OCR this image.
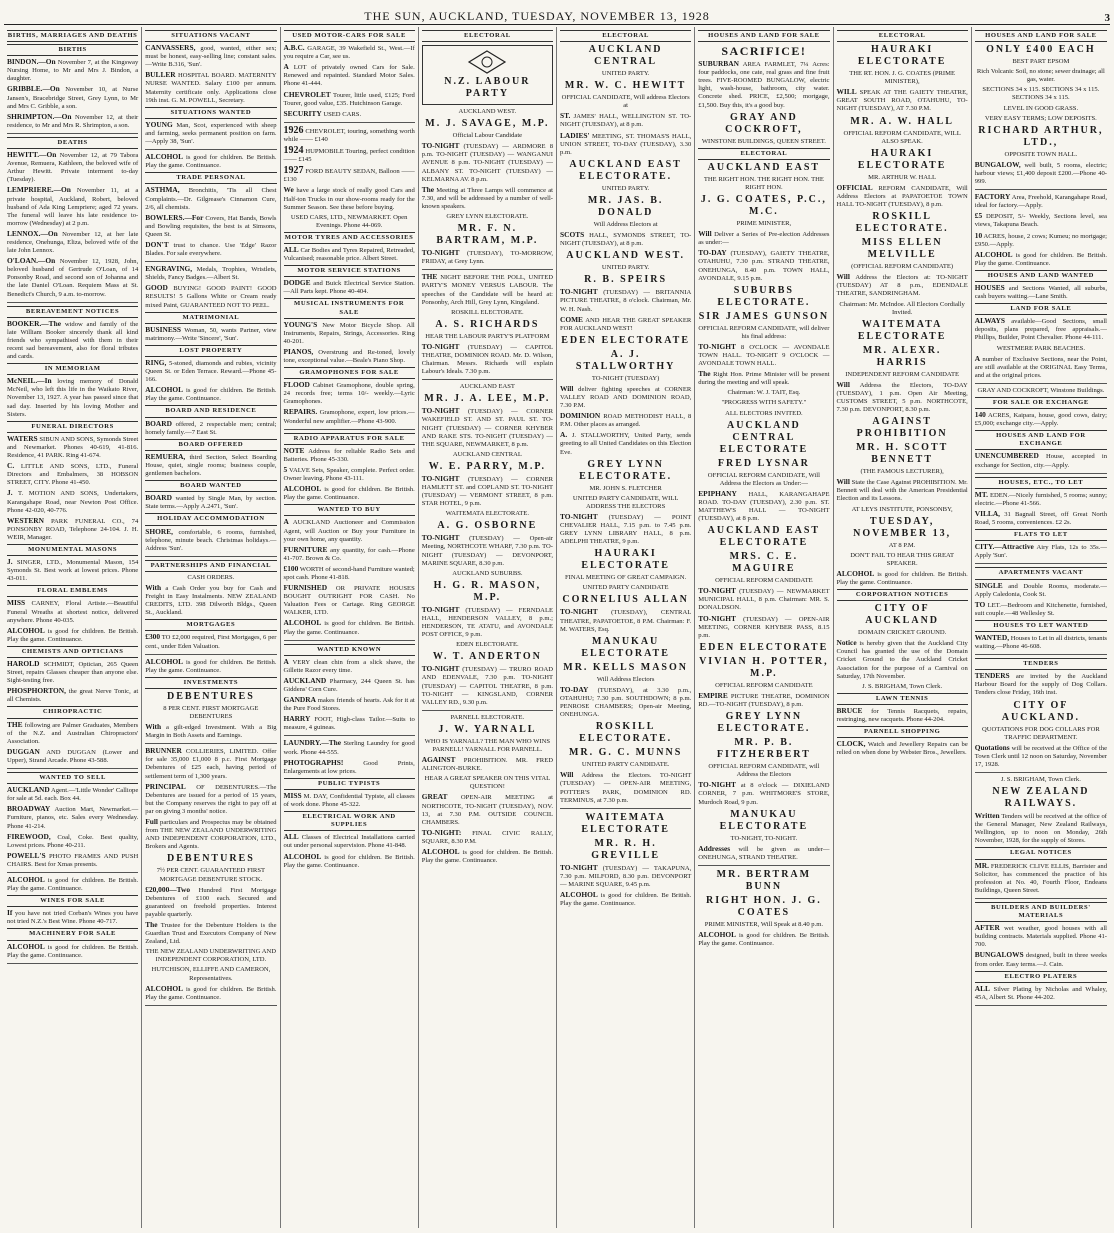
THE SUN, AUCKLAND, TUESDAY, NOVEMBER 13, 1928	3
BIRTHS, MARRIAGES AND DEATHS
BIRTHS
BINDON.—On November 7, at the Kingsway Nursing Home, to Mr and Mrs J. Bindon, a daughter.
GRIBBLE.—On November 10, at Nurse Jansen's, Bracebridge Street, Grey Lynn, to Mr and Mrs C. Gribble, a son.
SHRIMPTON.—On November 12, at their residence, to Mr and Mrs R. Shrimpton, a son.
DEATHS
HEWITT.—On November 12, at 79 Tabora Avenue, Remuera, Kathleen, the beloved wife of Arthur Hewitt. Private interment to-day (Tuesday).
LEMPRIERE.—On November 11, at a private hospital, Auckland, Robert, beloved husband of Ada King Lempriere; aged 72 years. The funeral will leave his late residence to-morrow (Wednesday) at 2 p.m.
LENNOX.—On November 12, at her late residence, Onehunga, Eliza, beloved wife of the late John Lennox.
O'LOAN.—On November 12, 1928, John, beloved husband of Gertrude O'Loan, of 14 Ponsonby Road, and second son of Johanna and the late Daniel O'Loan. Requiem Mass at St. Benedict's Church, 9 a.m. to-morrow.
BEREAVEMENT NOTICES
BOOKER.—The widow and family of the late William Booker sincerely thank all kind friends who sympathised with them in their recent sad bereavement, also for floral tributes and cards.
IN MEMORIAM
McNEIL.—In loving memory of Donald McNeil, who left this life in the Waikato River, November 13, 1927. A year has passed since that sad day. Inserted by his loving Mother and Sisters.
FUNERAL DIRECTORS
WATERS SIBUN AND SONS, Symonds Street and Newmarket. Phones 40-619, 41-816. Residence, 41 PARK. Ring 41-674.
C. LITTLE AND SONS, LTD., Funeral Directors and Embalmers, 38 HOBSON STREET, CITY. Phone 41-450.
J. T. MOTION AND SONS, Undertakers, Karangahape Road, near Newton Post Office. Phone 42-020, 40-776.
WESTERN PARK FUNERAL CO., 74 PONSONBY ROAD, Telephone 24-104. J. H. WEIR, Manager.
MONUMENTAL MASONS
J. SINGER, LTD., Monumental Mason, 154 Symonds St. Best work at lowest prices. Phone 43-011.
FLORAL EMBLEMS
MISS CARNEY, Floral Artiste.—Beautiful Funeral Wreaths at shortest notice, delivered anywhere. Phone 40-035.
ALCOHOL is good for children. Be British. Play the game. Continuance.
CHEMISTS AND OPTICIANS
HAROLD SCHMIDT, Optician, 265 Queen Street, repairs Glasses cheaper than anyone else. Sight-testing free.
PHOSPHORTON, the great Nerve Tonic, at all Chemists.
CHIROPRACTIC
THE following are Palmer Graduates, Members of the N.Z. and Australian Chiropractors' Association.
DUGGAN AND DUGGAN (Lower and Upper), Strand Arcade. Phone 43-588.
WANTED TO SELL
AUCKLAND Agent.—'Little Wonder' Calliope for sale at 5d. each. Box 44.
BROADWAY Auction Mart, Newmarket.—Furniture, pianos, etc. Sales every Wednesday. Phone 41-214.
FIREWOOD, Coal, Coke. Best quality, Lowest prices. Phone 40-211.
POWELL'S PHOTO FRAMES AND PUSH CHAIRS. Best for Xmas presents.
ALCOHOL is good for children. Be British. Play the game. Continuance.
WINES FOR SALE
If you have not tried Corban's Wines you have not tried N.Z.'s Best Wine. Phone 40-717.
MACHINERY FOR SALE
ALCOHOL is good for children. Be British. Play the game. Continuance.
SITUATIONS VACANT
CANVASSERS, good, wanted, either sex; must be honest, easy-selling line; constant sales.—Write B.316, 'Sun'.
BULLER HOSPITAL BOARD. MATERNITY NURSE WANTED. Salary £100 per annum. Maternity certificate only. Applications close 19th inst. G. M. POWELL, Secretary.
SITUATIONS WANTED
YOUNG Man, Scot, experienced with sheep and farming, seeks permanent position on farm.—Apply 38, 'Sun'.
ALCOHOL is good for children. Be British. Play the game. Continuance.
TRADE PERSONAL
ASTHMA, Bronchitis, 'Tis all Chest Complaints.—Dr. Gilgrease's Cinnamon Cure, 2/6, all chemists.
BOWLERS.—For Covers, Hat Bands, Bowls and Bowling requisites, the best is at Simsons, Queen St.
DON'T trust to chance. Use 'Edge' Razor Blades. For sale everywhere.
ENGRAVING, Medals, Trophies, Wristlets, Shields, Fancy Badges.—Albert St.
GOOD BUYING! GOOD PAINT! GOOD RESULTS! 5 Gallons White or Cream ready mixed Paint, GUARANTEED NOT TO PEEL.
MATRIMONIAL
BUSINESS Woman, 50, wants Partner, view matrimony.—Write 'Sincere', 'Sun'.
LOST PROPERTY
RING, 5-stoned, diamonds and rubies, vicinity Queen St. or Eden Terrace. Reward.—Phone 45-166.
ALCOHOL is good for children. Be British. Play the game. Continuance.
BOARD AND RESIDENCE
BOARD offered, 2 respectable men; central; homely family.—7 East St.
BOARD OFFERED
REMUERA, third Section, Select Boarding House, quiet, single rooms; business couple, gentlemen bachelors.
BOARD WANTED
BOARD wanted by Single Man, by section. State terms.—Apply A.2471, 'Sun'.
HOLIDAY ACCOMMODATION
SHORE, comfortable, 6 rooms, furnished, telephone, minute beach. Christmas holidays.—Address 'Sun'.
PARTNERSHIPS AND FINANCIAL
CASH ORDERS.
With a Cash Order you buy for Cash and Freight in Easy Instalments. NEW ZEALAND CREDITS, LTD. 398 Dilworth Bldgs., Queen St., Auckland.
MORTGAGES
£300 TO £2,000 required, First Mortgages, 6 per cent., under Eden Valuation.
ALCOHOL is good for children. Be British. Play the game. Continuance.
INVESTMENTS
DEBENTURES
8 PER CENT. FIRST MORTGAGE DEBENTURES
With a gilt-edged Investment. With a Big Margin in Both Assets and Earnings.
BRUNNER COLLIERIES, LIMITED. Offer for sale 35,000 £1,000 8 p.c. First Mortgage Debentures of £25 each, having period of settlement term of 1,300 years.
PRINCIPAL OF DEBENTURES.—The Debentures are issued for a period of 15 years, but the Company reserves the right to pay off at par on giving 3 months' notice.
Full particulars and Prospectus may be obtained from THE NEW ZEALAND UNDERWRITING AND INDEPENDENT CORPORATION, LTD., Brokers and Agents.
DEBENTURES
7½ PER CENT. GUARANTEED FIRST MORTGAGE DEBENTURE STOCK.
£20,000—Two Hundred First Mortgage Debentures of £100 each. Secured and guaranteed on freehold properties. Interest payable quarterly.
The Trustee for the Debenture Holders is the Guardian Trust and Executors Company of New Zealand, Ltd.
THE NEW ZEALAND UNDERWRITING AND INDEPENDENT CORPORATION, LTD.
HUTCHISON, ELLIFFE AND CAMERON, Representatives.
ALCOHOL is good for children. Be British. Play the game. Continuance.
USED MOTOR-CARS FOR SALE
A.B.C. GARAGE, 39 Wakefield St., West.—If you require a Car, see us.
A LOT of privately owned Cars for Sale. Renewed and repainted. Standard Motor Sales. Phone 41-444.
CHEVROLET Tourer, little used, £125; Ford Tourer, good value, £35. Hutchinson Garage.
SECURITY USED CARS.
1926 CHEVROLET, touring, something worth while —— £140
1924 HUPMOBILE Touring, perfect condition —— £145
1927 FORD BEAUTY SEDAN, Balloon —— £130
We have a large stock of really good Cars and Half-ton Trucks in our show-rooms ready for the Summer Season. See these before buying.
USED CARS, LTD., NEWMARKET. Open Evenings. Phone 44-069.
MOTOR TYRES AND ACCESSORIES
ALL Car Bodies and Tyres Repaired, Retreaded, Vulcanised; reasonable price. Albert Street.
MOTOR SERVICE STATIONS
DODGE and Buick Electrical Service Station.—All Parts kept. Phone 40-404.
MUSICAL INSTRUMENTS FOR SALE
YOUNG'S New Motor Bicycle Shop. All Instruments, Repairs, Strings, Accessories. Ring 40-201.
PIANOS, Overstrung and Re-toned, lovely tone, exceptional value.—Beale's Piano Shop.
GRAMOPHONES FOR SALE
FLOOD Cabinet Gramophone, double spring, 24 records free; terms 10/- weekly.—Lyric Gramophones.
REPAIRS. Gramophone, expert, low prices.—Wonderful new amplifier.—Phone 43-900.
RADIO APPARATUS FOR SALE
NOTE Address for reliable Radio Sets and Batteries. Phone 45-330.
5 VALVE Sets, Speaker, complete. Perfect order. Owner leaving. Phone 43-111.
ALCOHOL is good for children. Be British. Play the game. Continuance.
WANTED TO BUY
A AUCKLAND Auctioneer and Commission Agent, will Auction or Buy your Furniture in your own home, any quantity.
FURNITURE any quantity, for cash.—Phone 41-707. Brown & Co.
£100 WORTH of second-hand Furniture wanted; spot cash. Phone 41-818.
FURNISHED OR PRIVATE HOUSES BOUGHT OUTRIGHT FOR CASH. No Valuation Fees or Cartage. Ring GEORGE WALKER, LTD.
ALCOHOL is good for children. Be British. Play the game. Continuance.
WANTED KNOWN
A VERY clean chin from a slick shave, the Gillette Razor every time.
AUCKLAND Pharmacy, 244 Queen St. has Giddens' Corn Cure.
GANDRA makes friends of hearts. Ask for it at the Pure Food Stores.
HARRY FOOT, High-class Tailor.—Suits to measure, 4 guineas.
LAUNDRY.—The Sterling Laundry for good work. Phone 44-555.
PHOTOGRAPHS! Good Prints, Enlargements at low prices.
PUBLIC TYPISTS
MISS M. DAY, Confidential Typiste, all classes of work done. Phone 45-322.
ELECTRICAL WORK AND SUPPLIES
ALL Classes of Electrical Installations carried out under personal supervision. Phone 41-848.
ALCOHOL is good for children. Be British. Play the game. Continuance.
ELECTORAL
N.Z. LABOUR PARTY
AUCKLAND WEST.
M. J. SAVAGE, M.P.
Official Labour Candidate
TO-NIGHT (TUESDAY) — ARDMORE 8 p.m. TO-NIGHT (TUESDAY) — WANGANUI AVENUE 8 p.m. TO-NIGHT (TUESDAY) — ALBANY ST. TO-NIGHT (TUESDAY) — KELMARNA AV. 8 p.m.
The Meeting at Three Lamps will commence at 7.30, and will be addressed by a number of well-known speakers.
GREY LYNN ELECTORATE.
MR. F. N. BARTRAM, M.P.
TO-NIGHT (TUESDAY), TO-MORROW, FRIDAY, at Grey Lynn.
THE NIGHT BEFORE THE POLL, UNITED PARTY'S MONEY VERSUS LABOUR. The speeches of the Candidate will be heard at: Ponsonby, Arch Hill, Grey Lynn, Kingsland.
ROSKILL ELECTORATE.
A. S. RICHARDS
HEAR THE LABOUR PARTY'S PLATFORM
TO-NIGHT (TUESDAY) — CAPITOL THEATRE, DOMINION ROAD. Mr. D. Wilson, Chairman. Messrs. Richards will explain Labour's Ideals. 7.30 p.m.
AUCKLAND EAST
MR. J. A. LEE, M.P.
TO-NIGHT (TUESDAY) — CORNER WAKEFIELD ST. AND ST. PAUL ST. TO-NIGHT (TUESDAY) — CORNER KHYBER AND RAKE STS. TO-NIGHT (TUESDAY) — THE SQUARE, NEWMARKET, 8 p.m.
AUCKLAND CENTRAL
W. E. PARRY, M.P.
TO-NIGHT (TUESDAY) — CORNER HAMLETT ST. and COPLAND ST. TO-NIGHT (TUESDAY) — VERMONT STREET, 8 p.m. STAR HOTEL, 9 p.m.
WAITEMATA ELECTORATE.
A. G. OSBORNE
TO-NIGHT (TUESDAY) — Open-air Meeting, NORTHCOTE WHARF, 7.30 p.m. TO-NIGHT (TUESDAY) — DEVONPORT, MARINE SQUARE, 8.30 p.m.
AUCKLAND SUBURBS.
H. G. R. MASON, M.P.
TO-NIGHT (TUESDAY) — FERNDALE HALL, HENDERSON VALLEY, 8 p.m.; HENDERSON, TE ATATU, and AVONDALE POST OFFICE, 9 p.m.
EDEN ELECTORATE.
W. T. ANDERTON
TO-NIGHT (TUESDAY) — TRURO ROAD AND EDENVALE, 7.30 p.m. TO-NIGHT (TUESDAY) — CAPITOL THEATRE, 8 p.m. TO-NIGHT — KINGSLAND, CORNER VALLEY RD., 9.30 p.m.
PARNELL ELECTORATE.
J. W. YARNALL
WHO IS YARNALL? THE MAN WHO WINS PARNELL! YARNALL FOR PARNELL.
AGAINST PROHIBITION. MR. FRED ALINGTON-BURKE.
HEAR A GREAT SPEAKER ON THIS VITAL QUESTION!
GREAT OPEN-AIR MEETING at NORTHCOTE, TO-NIGHT (TUESDAY), NOV. 13, at 7.30 P.M. OUTSIDE COUNCIL CHAMBERS.
TO-NIGHT: FINAL CIVIC RALLY, SQUARE, 8.30 P.M.
ALCOHOL is good for children. Be British. Play the game. Continuance.
ELECTORAL
AUCKLAND CENTRAL
UNITED PARTY.
MR. W. C. HEWITT
OFFICIAL CANDIDATE, Will address Electors at
ST. JAMES' HALL, WELLINGTON ST. TO-NIGHT (TUESDAY), at 8 p.m.
LADIES' MEETING, ST. THOMAS'S HALL, UNION STREET, TO-DAY (TUESDAY), 3.30 p.m.
AUCKLAND EAST ELECTORATE.
UNITED PARTY.
MR. JAS. B. DONALD
Will Address Electors at
SCOTS HALL, SYMONDS STREET, TO-NIGHT (TUESDAY), at 8 p.m.
AUCKLAND WEST.
UNITED PARTY.
R. B. SPEIRS
TO-NIGHT (TUESDAY) — BRITANNIA PICTURE THEATRE, 8 o'clock. Chairman, Mr. W. H. Nash.
COME AND HEAR THE GREAT SPEAKER FOR AUCKLAND WEST!
EDEN ELECTORATE
A. J. STALLWORTHY
TO-NIGHT (TUESDAY)
Will deliver fighting speeches at CORNER VALLEY ROAD AND DOMINION ROAD, 7.30 P.M.
DOMINION ROAD METHODIST HALL, 8 P.M. Other places as arranged.
A. J. STALLWORTHY, United Party, sends greeting to all United Candidates on this Election Eve.
GREY LYNN ELECTORATE.
MR. JOHN S. FLETCHER
UNITED PARTY CANDIDATE, WILL ADDRESS THE ELECTORS
TO-NIGHT (TUESDAY) — POINT CHEVALIER HALL, 7.15 p.m. to 7.45 p.m. GREY LYNN LIBRARY HALL, 8 p.m. ADELPHI THEATRE, 9 p.m.
HAURAKI ELECTORATE
FINAL MEETING OF GREAT CAMPAIGN.
UNITED PARTY CANDIDATE
CORNELIUS ALLAN
TO-NIGHT (TUESDAY), CENTRAL THEATRE, PAPATOETOE, 8 P.M. Chairman: F. M. WATERS, Esq.
MANUKAU ELECTORATE
MR. KELLS MASON
Will Address Electors
TO-DAY (TUESDAY), at 3.30 p.m., OTAHUHU; 7.30 p.m. SOUTHDOWN; 8 p.m. PENROSE CHAMBERS; Open-air Meeting, ONEHUNGA.
ROSKILL ELECTORATE.
MR. G. C. MUNNS
UNITED PARTY CANDIDATE.
Will Address the Electors. TO-NIGHT (TUESDAY) — OPEN-AIR MEETING, POTTER'S PARK, DOMINION RD. TERMINUS, at 7.30 p.m.
WAITEMATA ELECTORATE
MR. R. H. GREVILLE
TO-NIGHT (TUESDAY) — TAKAPUNA, 7.30 p.m. MILFORD, 8.30 p.m. DEVONPORT — MARINE SQUARE, 9.45 p.m.
ALCOHOL is good for children. Be British. Play the game. Continuance.
HOUSES AND LAND FOR SALE
SACRIFICE!
SUBURBAN AREA FARMLET, 7¼ Acres: four paddocks, one cate, real grass and fine fruit trees. FIVE-ROOMED BUNGALOW, electric light, wash-house, bathroom, city water. Concrete shed. PRICE, £2,500; mortgage, £1,500. Buy this, it's a good buy.
GRAY AND COCKROFT,
WINSTONE BUILDINGS, QUEEN STREET.
ELECTORAL
AUCKLAND EAST
THE RIGHT HON. THE RIGHT HON. THE RIGHT HON.
J. G. COATES, P.C., M.C.
PRIME MINISTER,
Will Deliver a Series of Pre-election Addresses as under:—
TO-DAY (TUESDAY), GAIETY THEATRE, OTAHUHU, 7.30 p.m. STRAND THEATRE, ONEHUNGA, 8.40 p.m. TOWN HALL, AVONDALE, 9.15 p.m.
SUBURBS ELECTORATE.
SIR JAMES GUNSON
OFFICIAL REFORM CANDIDATE, will deliver his final address:
TO-NIGHT 8 O'CLOCK — AVONDALE TOWN HALL. TO-NIGHT 9 O'CLOCK — AVONDALE TOWN HALL.
The Right Hon. Prime Minister will be present during the meeting and will speak.
Chairman: W. J. TAIT, Esq.
"PROGRESS WITH SAFETY."
ALL ELECTORS INVITED.
AUCKLAND CENTRAL ELECTORATE
FRED LYSNAR
OFFICIAL REFORM CANDIDATE, Will Address the Electors as Under:—
EPIPHANY HALL, KARANGAHAPE ROAD. TO-DAY (TUESDAY), 2.30 p.m. ST. MATTHEW'S HALL — TO-NIGHT (TUESDAY), at 8 p.m.
AUCKLAND EAST ELECTORATE
MRS. C. E. MAGUIRE
OFFICIAL REFORM CANDIDATE
TO-NIGHT (TUESDAY) — NEWMARKET MUNICIPAL HALL, 8 p.m. Chairman: MR. S. DONALDSON.
TO-NIGHT (TUESDAY) — OPEN-AIR MEETING, CORNER KHYBER PASS, 8.15 p.m.
EDEN ELECTORATE
VIVIAN H. POTTER, M.P.
OFFICIAL REFORM CANDIDATE
EMPIRE PICTURE THEATRE, DOMINION RD.—TO-NIGHT (TUESDAY), 8 p.m.
GREY LYNN ELECTORATE.
MR. P. B. FITZHERBERT
OFFICIAL REFORM CANDIDATE, will Address the Electors
TO-NIGHT at 8 o'clock — DIXIELAND CORNER, 7 p.m. WHITMORE'S STORE, Murdoch Road, 9 p.m.
MANUKAU ELECTORATE
TO-NIGHT, TO-NIGHT.
Addresses will be given as under— ONEHUNGA, STRAND THEATRE.
MR. BERTRAM BUNN
RIGHT HON. J. G. COATES
PRIME MINISTER, Will Speak at 8.40 p.m.
ALCOHOL is good for children. Be British. Play the game. Continuance.
ELECTORAL
HAURAKI ELECTORATE
THE RT. HON. J. G. COATES (PRIME MINISTER),
WILL SPEAK AT THE GAIETY THEATRE, GREAT SOUTH ROAD, OTAHUHU, TO-NIGHT (TUESDAY), AT 7.30 P.M.
MR. A. W. HALL
OFFICIAL REFORM CANDIDATE, WILL ALSO SPEAK.
HAURAKI ELECTORATE
MR. ARTHUR W. HALL
OFFICIAL REFORM CANDIDATE, Will Address Electors at PAPATOETOE TOWN HALL TO-NIGHT (TUESDAY), 8 p.m.
ROSKILL ELECTORATE.
MISS ELLEN MELVILLE
(OFFICIAL REFORM CANDIDATE)
Will Address the Electors at: TO-NIGHT (TUESDAY) AT 8 p.m., EDENDALE THEATRE, SANDRINGHAM.
Chairman: Mr. McIndoe. All Electors Cordially Invited.
WAITEMATA ELECTORATE
MR. ALEXR. HARRIS
INDEPENDENT REFORM CANDIDATE
Will Address the Electors, TO-DAY (TUESDAY), 1 p.m. Open Air Meeting, CUSTOMS STREET, 5 p.m. NORTHCOTE, 7.30 p.m. DEVONPORT, 8.30 p.m.
AGAINST PROHIBITION
MR. H. SCOTT BENNETT
(THE FAMOUS LECTURER),
Will State the Case Against PROHIBITION. Mr. Bennett will deal with the American Presidential Election and its Lessons.
AT LEYS INSTITUTE, PONSONBY,
TUESDAY, NOVEMBER 13,
AT 8 P.M.
DON'T FAIL TO HEAR THIS GREAT SPEAKER.
ALCOHOL is good for children. Be British. Play the game. Continuance.
CORPORATION NOTICES
CITY OF AUCKLAND
DOMAIN CRICKET GROUND.
Notice is hereby given that the Auckland City Council has granted the use of the Domain Cricket Ground to the Auckland Cricket Association for the purpose of a Carnival on Saturday, 17th November.
J. S. BRIGHAM, Town Clerk.
LAWN TENNIS
BRUCE for Tennis Racquets, repairs, restringing, new racquets. Phone 44-204.
PARNELL SHOPPING
CLOCK, Watch and Jewellery Repairs can be relied on when done by Webster Bros., Jewellers.
HOUSES AND LAND FOR SALE
ONLY £400 EACH
BEST PART EPSOM
Rich Volcanic Soil, no stone; sewer drainage; all gas, water.
SECTIONS 34 x 115. SECTIONS 34 x 115. SECTIONS 34 x 115.
LEVEL IN GOOD GRASS.
VERY EASY TERMS; LOW DEPOSITS.
RICHARD ARTHUR, LTD.,
OPPOSITE TOWN HALL.
BUNGALOW, well built, 5 rooms, electric; harbour views; £1,400 deposit £200.—Phone 40-999.
FACTORY Area, Freehold, Karangahape Road, ideal for factory.—Apply.
£5 DEPOSIT, 5/- Weekly, Sections level, sea views, Takapuna Beach.
10 ACRES, house, 2 cows; Kumeu; no mortgage; £950.—Apply.
ALCOHOL is good for children. Be British. Play the game. Continuance.
HOUSES AND LAND WANTED
HOUSES and Sections Wanted, all suburbs, cash buyers waiting.—Lane Smith.
LAND FOR SALE
ALWAYS available—Good Sections, small deposits, plans prepared, free appraisals.—Phillips, Builder, Point Chevalier. Phone 44-111.
WESTMERE PARK BEACHES.
A number of Exclusive Sections, near the Point, are still available at the ORIGINAL Easy Terms, and at the original prices.
GRAY AND COCKROFT, Winstone Buildings.
FOR SALE OR EXCHANGE
140 ACRES, Kaipara, house, good cows, dairy; £5,000; exchange city.—Apply.
HOUSES AND LAND FOR EXCHANGE
UNENCUMBERED House, accepted in exchange for Section, city.—Apply.
HOUSES, ETC., TO LET
MT. EDEN.—Nicely furnished, 5 rooms; sunny; electric.—Phone 41-566.
VILLA, 31 Bagnall Street, off Great North Road, 5 rooms, conveniences. £2 2s.
FLATS TO LET
CITY.—Attractive Airy Flats, 12s to 35s.—Apply 'Sun'.
APARTMENTS VACANT
SINGLE and Double Rooms, moderate.—Apply Caledonia, Cook St.
TO LET.—Bedroom and Kitchenette, furnished, suit couple.—48 Wellesley St.
HOUSES TO LET WANTED
WANTED, Houses to Let in all districts, tenants waiting.—Phone 46-608.
TENDERS
TENDERS are invited by the Auckland Harbour Board for the supply of Dog Collars. Tenders close Friday, 16th inst.
CITY OF AUCKLAND.
QUOTATIONS FOR DOG COLLARS FOR TRAFFIC DEPARTMENT.
Quotations will be received at the Office of the Town Clerk until 12 noon on Saturday, November 17, 1928.
J. S. BRIGHAM, Town Clerk.
NEW ZEALAND RAILWAYS.
Written Tenders will be received at the office of the General Manager, New Zealand Railways, Wellington, up to noon on Monday, 26th November, 1928, for the supply of Stores.
LEGAL NOTICES
MR. FREDERICK CLIVE ELLIS, Barrister and Solicitor, has commenced the practice of his profession at No. 40, Fourth Floor, Endeans Buildings, Queen Street.
BUILDERS AND BUILDERS' MATERIALS
AFTER wet weather, good houses with all building contracts. Materials supplied. Phone 41-700.
BUNGALOWS designed, built in three weeks from order. Easy terms.—J. Cain.
ELECTRO PLATERS
ALL Silver Plating by Nicholas and Whaley, 45A, Albert St. Phone 44-202.
